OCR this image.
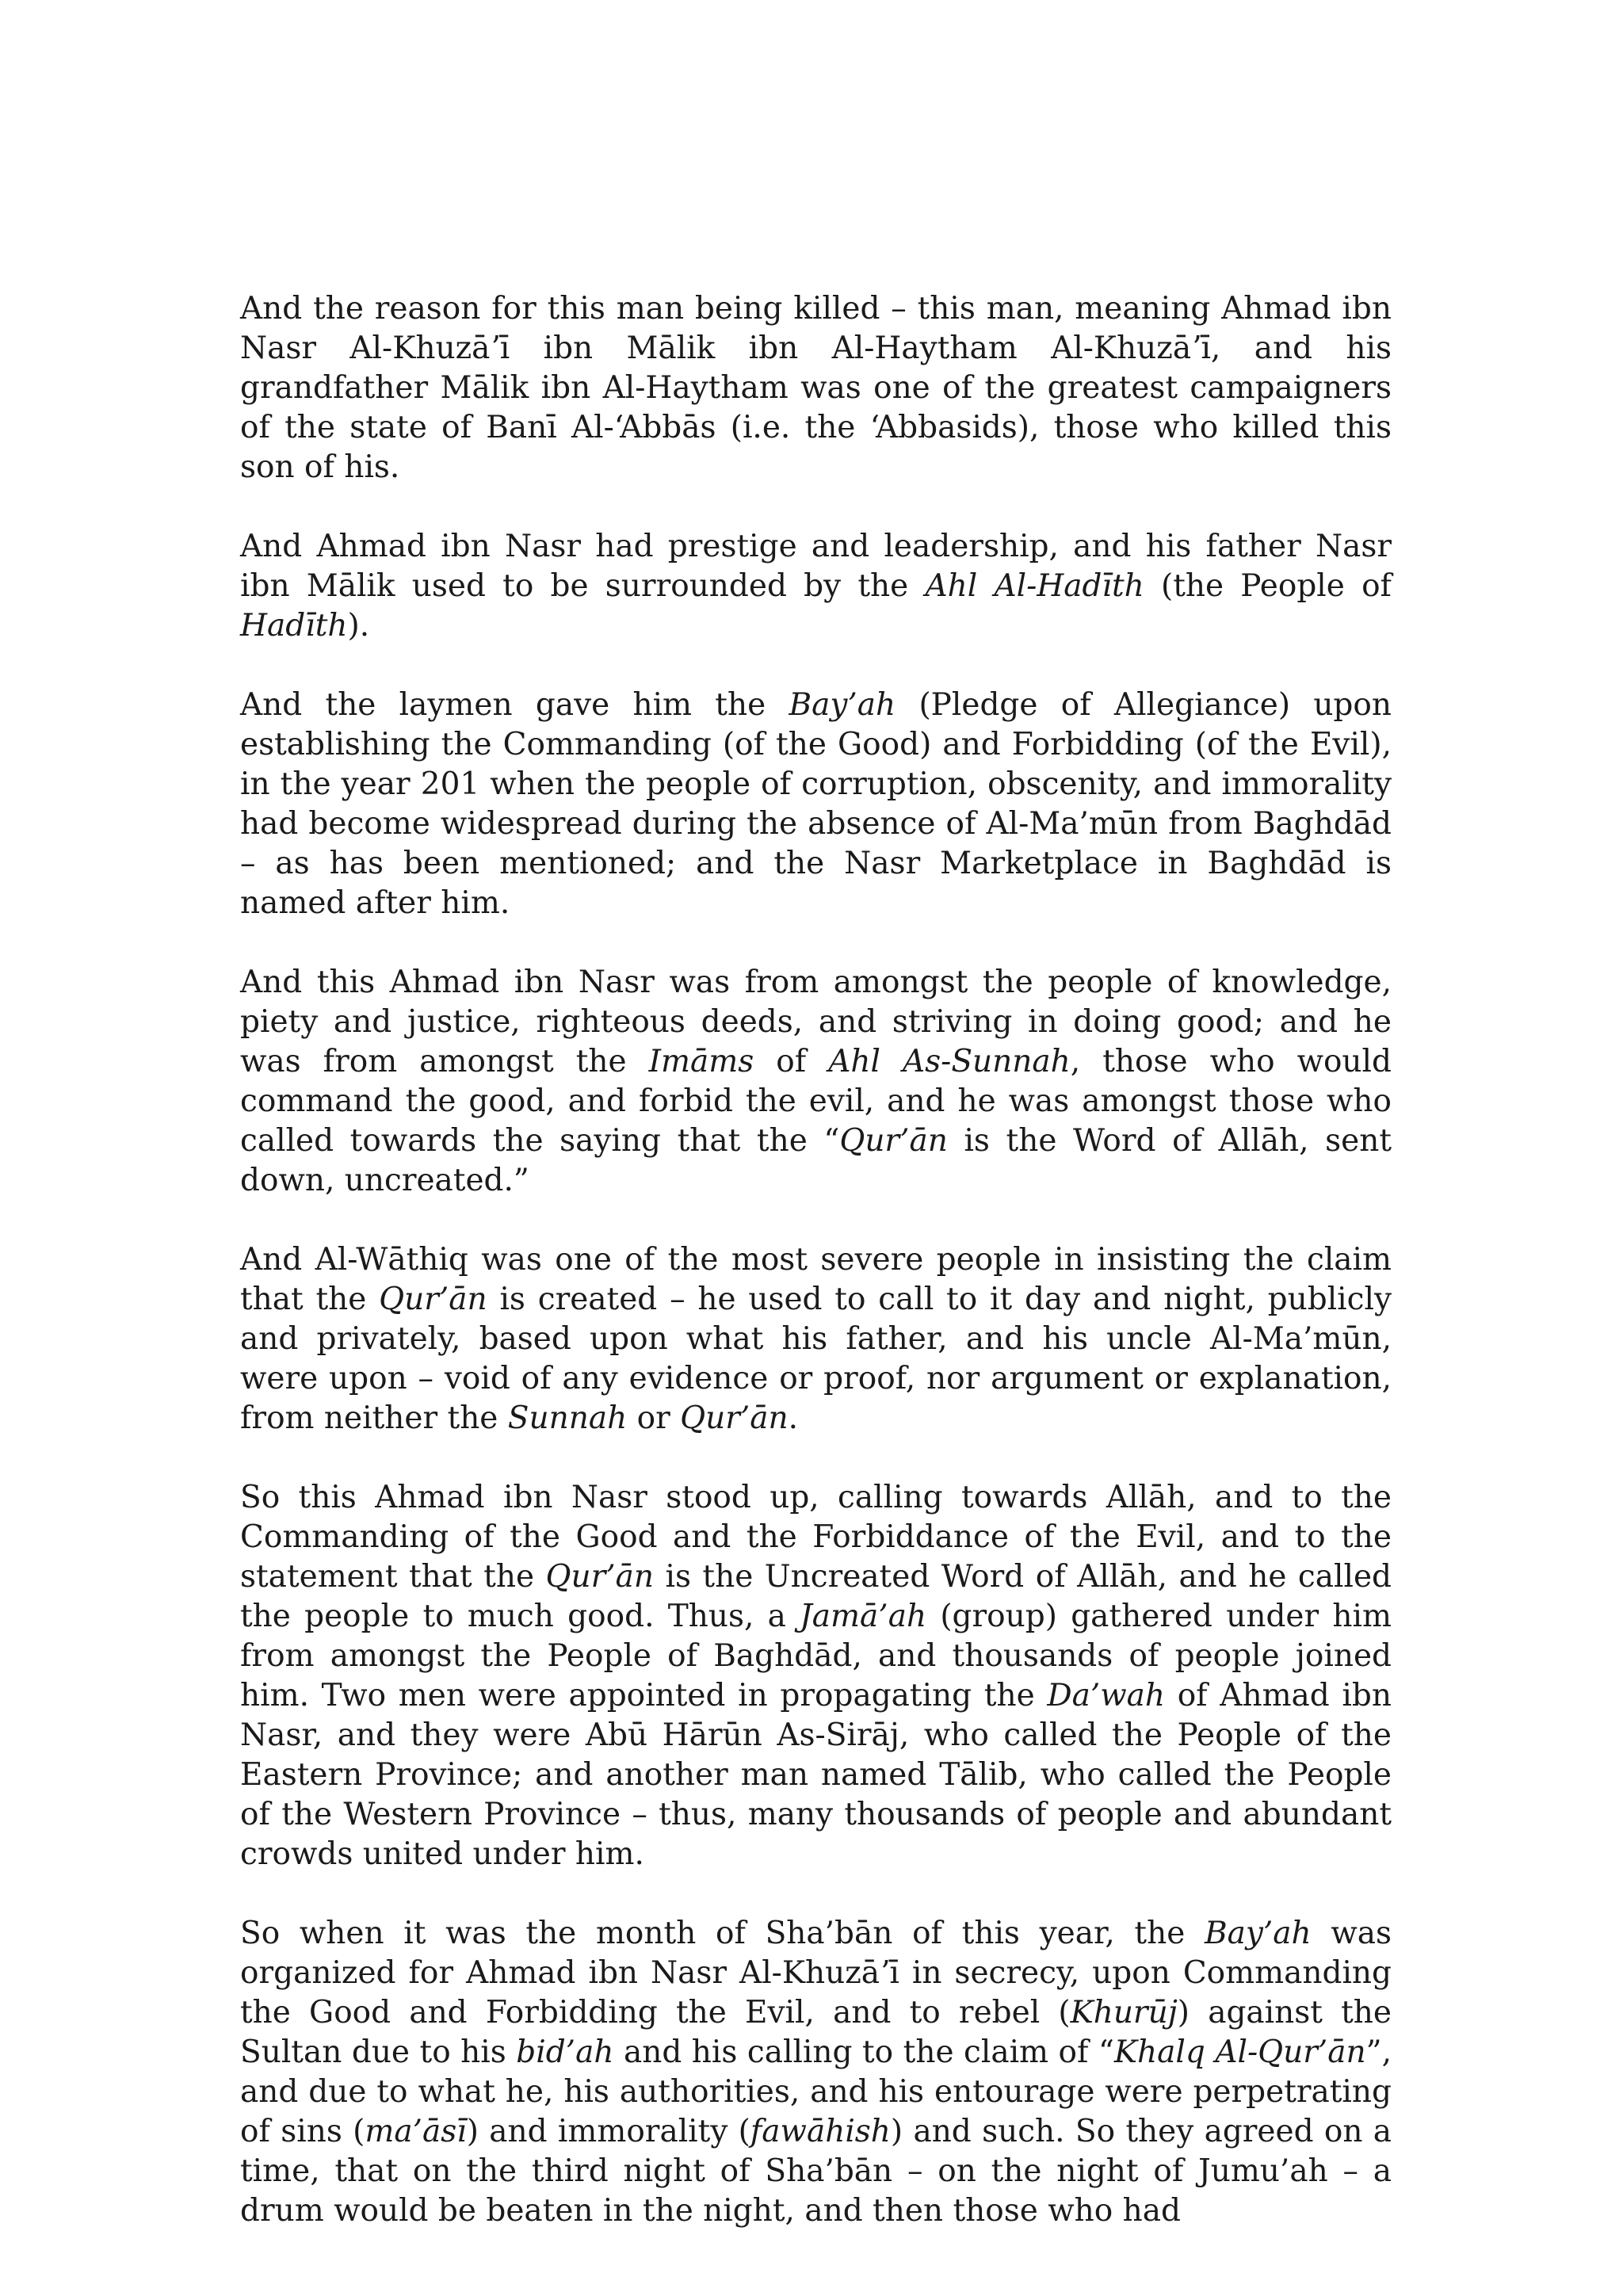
And the reason for this man being killed – this man, meaning Ahmad ibn Nasr Al-Khuzāʼī ibn Mālik ibn Al-Haytham Al-Khuzāʼī, and his grandfather Mālik ibn Al-Haytham was one of the greatest campaigners of the state of Banī Al-ʻAbbās (i.e. the ʻAbbasids), those who killed this son of his.

And Ahmad ibn Nasr had prestige and leadership, and his father Nasr ibn Mālik used to be surrounded by the Ahl Al-Hadīth (the People of Hadīth).

And the laymen gave him the Bay’ah (Pledge of Allegiance) upon establishing the Commanding (of the Good) and Forbidding (of the Evil), in the year 201 when the people of corruption, obscenity, and immorality had become widespread during the absence of Al-Ma’mūn from Baghdād – as has been mentioned; and the Nasr Marketplace in Baghdād is named after him.

And this Ahmad ibn Nasr was from amongst the people of knowledge, piety and justice, righteous deeds, and striving in doing good; and he was from amongst the Imāms of Ahl As-Sunnah, those who would command the good, and forbid the evil, and he was amongst those who called towards the saying that the “Qur’ān is the Word of Allāh, sent down, uncreated.”

And Al-Wāthiq was one of the most severe people in insisting the claim that the Qur’ān is created – he used to call to it day and night, publicly and privately, based upon what his father, and his uncle Al-Ma’mūn, were upon – void of any evidence or proof, nor argument or explanation, from neither the Sunnah or Qur’ān.

So this Ahmad ibn Nasr stood up, calling towards Allāh, and to the Commanding of the Good and the Forbiddance of the Evil, and to the statement that the Qur’ān is the Uncreated Word of Allāh, and he called the people to much good. Thus, a Jamā’ah (group) gathered under him from amongst the People of Baghdād, and thousands of people joined him. Two men were appointed in propagating the Da’wah of Ahmad ibn Nasr, and they were Abū Hārūn As-Sirāj, who called the People of the Eastern Province; and another man named Tālib, who called the People of the Western Province – thus, many thousands of people and abundant crowds united under him.

So when it was the month of Sha’bān of this year, the Bay’ah was organized for Ahmad ibn Nasr Al-Khuzāʼī in secrecy, upon Commanding the Good and Forbidding the Evil, and to rebel (Khurūj) against the Sultan due to his bid’ah and his calling to the claim of “Khalq Al-Qur’ān”, and due to what he, his authorities, and his entourage were perpetrating of sins (ma’āsī) and immorality (fawāhish) and such. So they agreed on a time, that on the third night of Sha’bān – on the night of Jumu’ah – a drum would be beaten in the night, and then those who had
